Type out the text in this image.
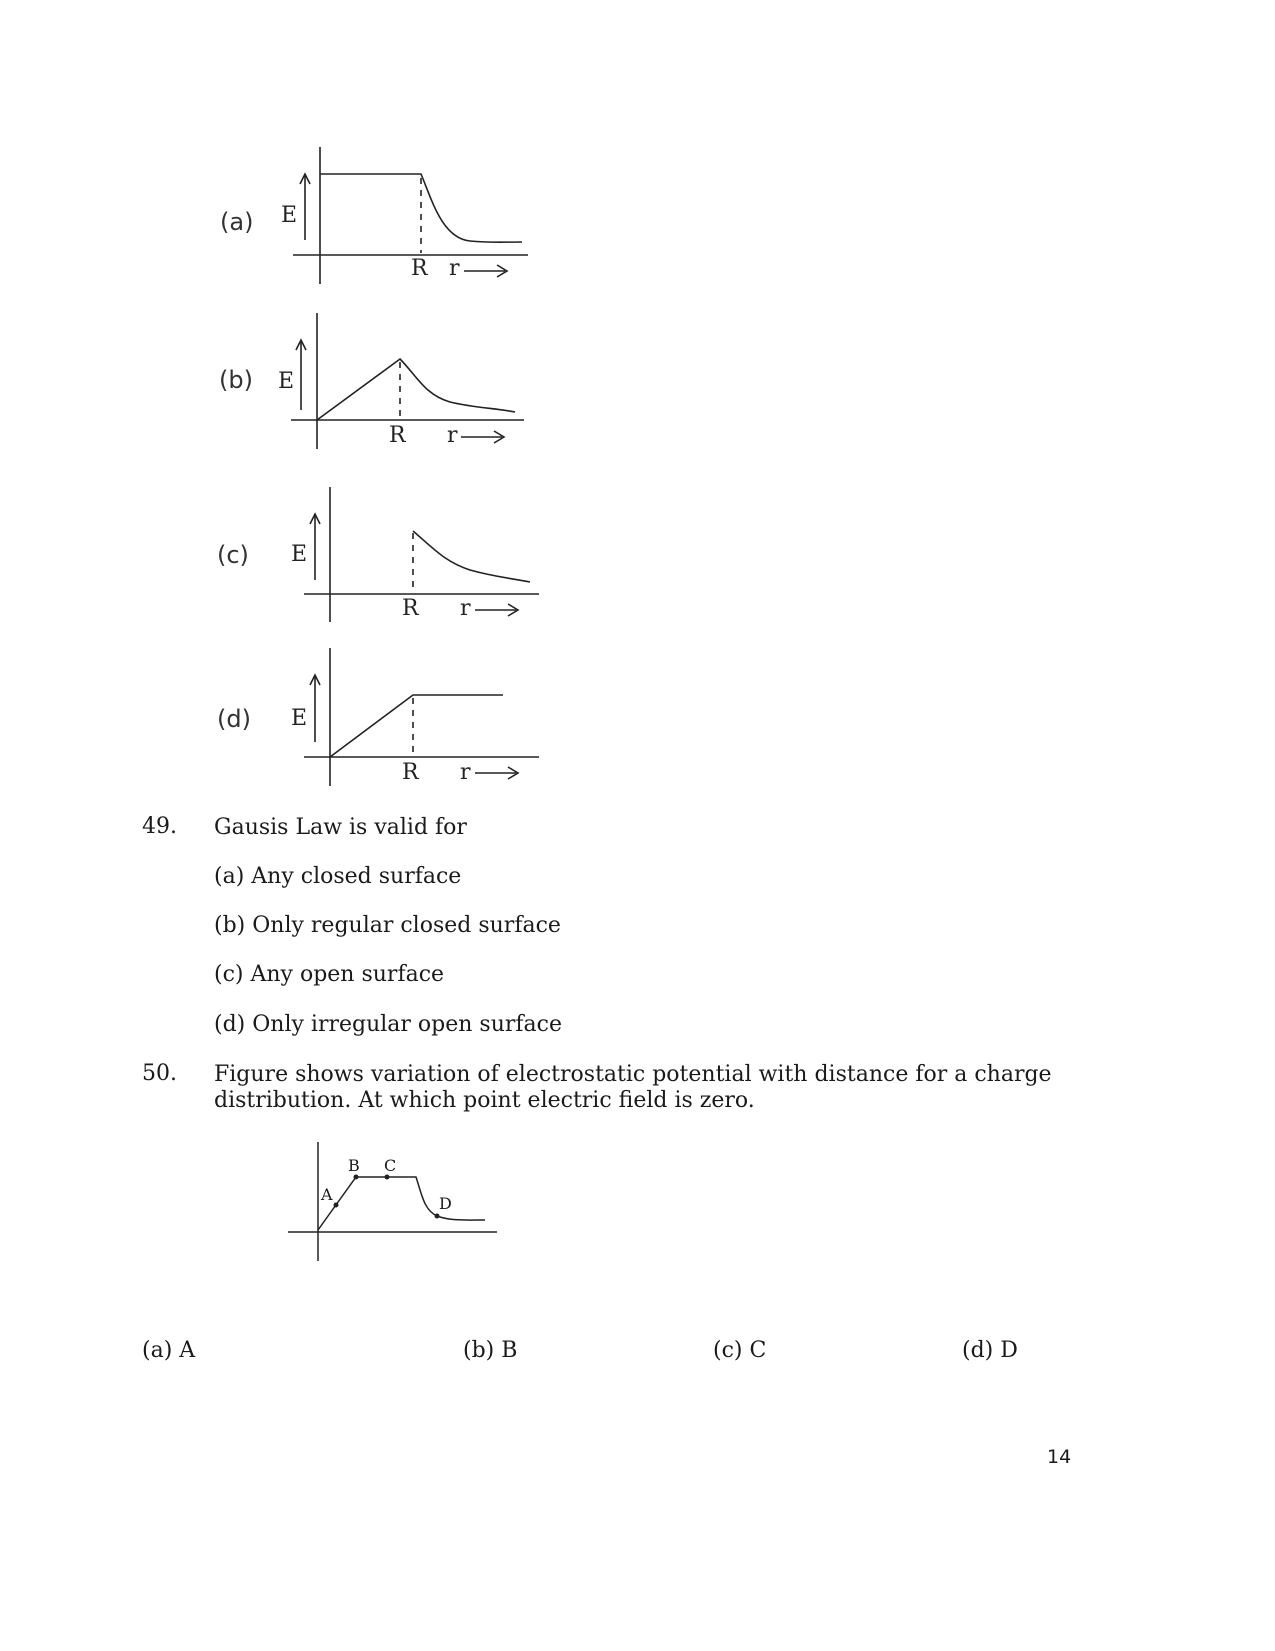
(a) E
R r
(b) E
R r
(c) E
R r
(d) E
R r
49. Gausis Law is valid for
(a) Any closed surface
(b) Only regular closed surface
(c) Any open surface
(d) Only irregular open surface
50. Figure shows variation of electrostatic potential with distance for a charge
distribution. At which point electric field is zero.
A
B C
D
(a) A	(b) B	(c) C	(d) D
14
